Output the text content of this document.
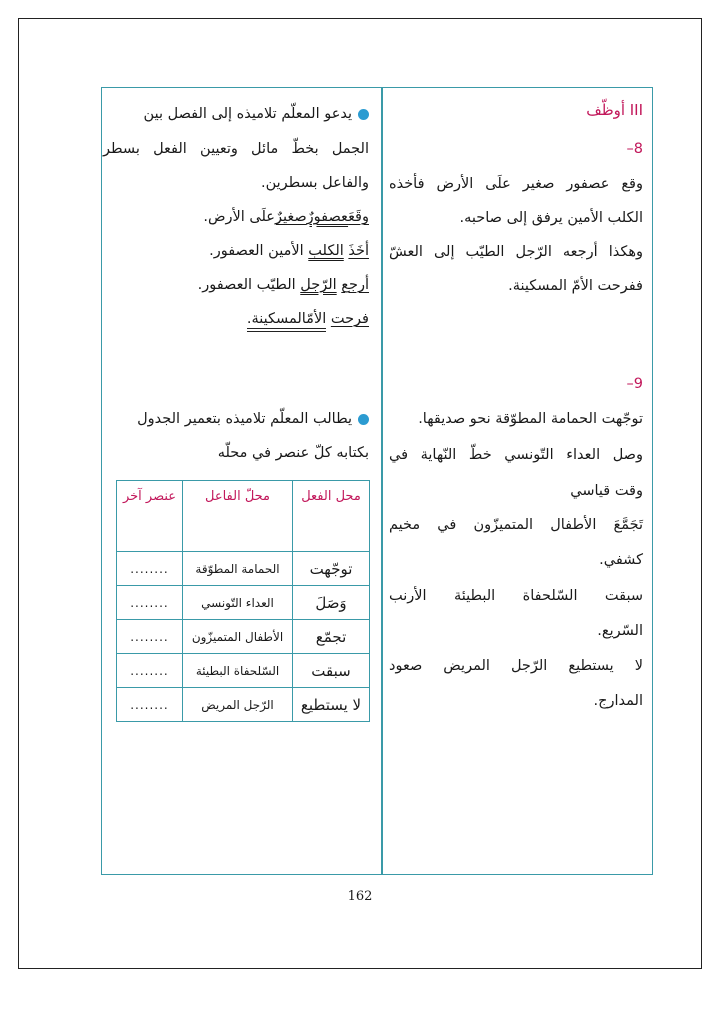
III أوظّف
8–
وقع عصفور صغير علَى الأرض فأخذه
الكلب الأمين يرفق إلى صاحبه.
وهكذا أرجعه الرّجل الطيّب إلى العشّ
ففرحت الأمّ المسكينة.
9–
توجّهت الحمامة المطوّقة نحو صديقها.
وصل العداء التّونسي خطّ النّهاية في
وقت قياسي
تَجَمَّعَ الأطفال المتميزّون في مخيم
كشفي.
سبقت السّلحفاة البطيئة الأرنب
السّريع.
لا يستطيع الرّجل المريض صعود
المدارج.
يدعو المعلّم تلاميذه إلى الفصل بين
الجمل بخطّ مائل وتعيين الفعل بسطر
والفاعل بسطرين.
وقَعَعصفورٌصغيرٌعلَى الأرض.
أخَذَ الكلب الأمين العصفور.
أرجع الرّجل الطيّب العصفور.
فرحت الأمّالمسكينة.
يطالب المعلّم تلاميذه بتعمير الجدول
بكتابه كلّ عنصر في محلّه
محل الفعل	محلّ الفاعل	عنصر آخر
توجّهت	الحمامة المطوّقة	........
وَصَلَ	العداء التّونسي	........
تجمّع	الأطفال المتميزّون	........
سبقت	السّلحفاة البطيئة	........
لا يستطيع	الرّجل المريض	........
162
